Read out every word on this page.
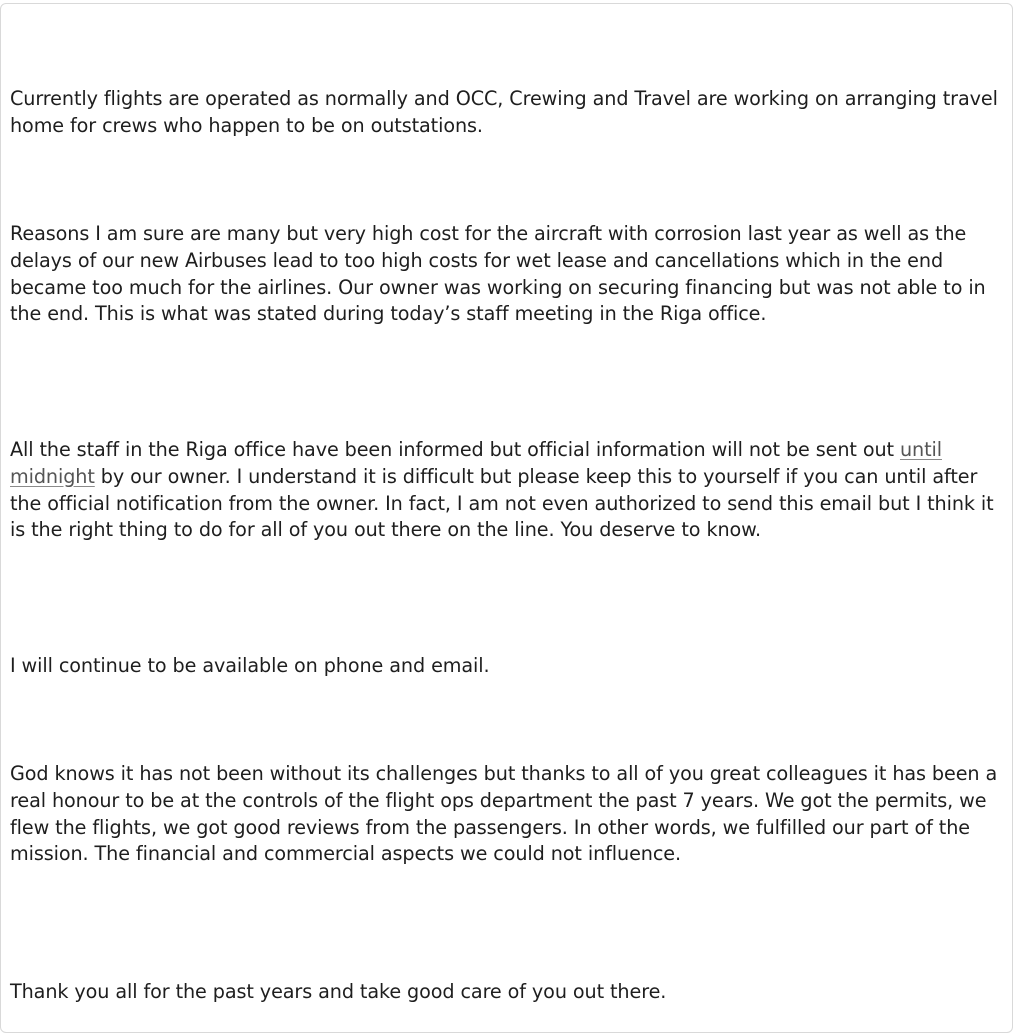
Currently flights are operated as normally and OCC, Crewing and Travel are working on arranging travel home for crews who happen to be on outstations.

Reasons I am sure are many but very high cost for the aircraft with corrosion last year as well as the delays of our new Airbuses lead to too high costs for wet lease and cancellations which in the end became too much for the airlines. Our owner was working on securing financing but was not able to in the end. This is what was stated during today’s staff meeting in the Riga office.

All the staff in the Riga office have been informed but official information will not be sent out until midnight by our owner. I understand it is difficult but please keep this to yourself if you can until after the official notification from the owner. In fact, I am not even authorized to send this email but I think it is the right thing to do for all of you out there on the line. You deserve to know.

I will continue to be available on phone and email.

God knows it has not been without its challenges but thanks to all of you great colleagues it has been a real honour to be at the controls of the flight ops department the past 7 years. We got the permits, we flew the flights, we got good reviews from the passengers. In other words, we fulfilled our part of the mission. The financial and commercial aspects we could not influence.

Thank you all for the past years and take good care of you out there.
